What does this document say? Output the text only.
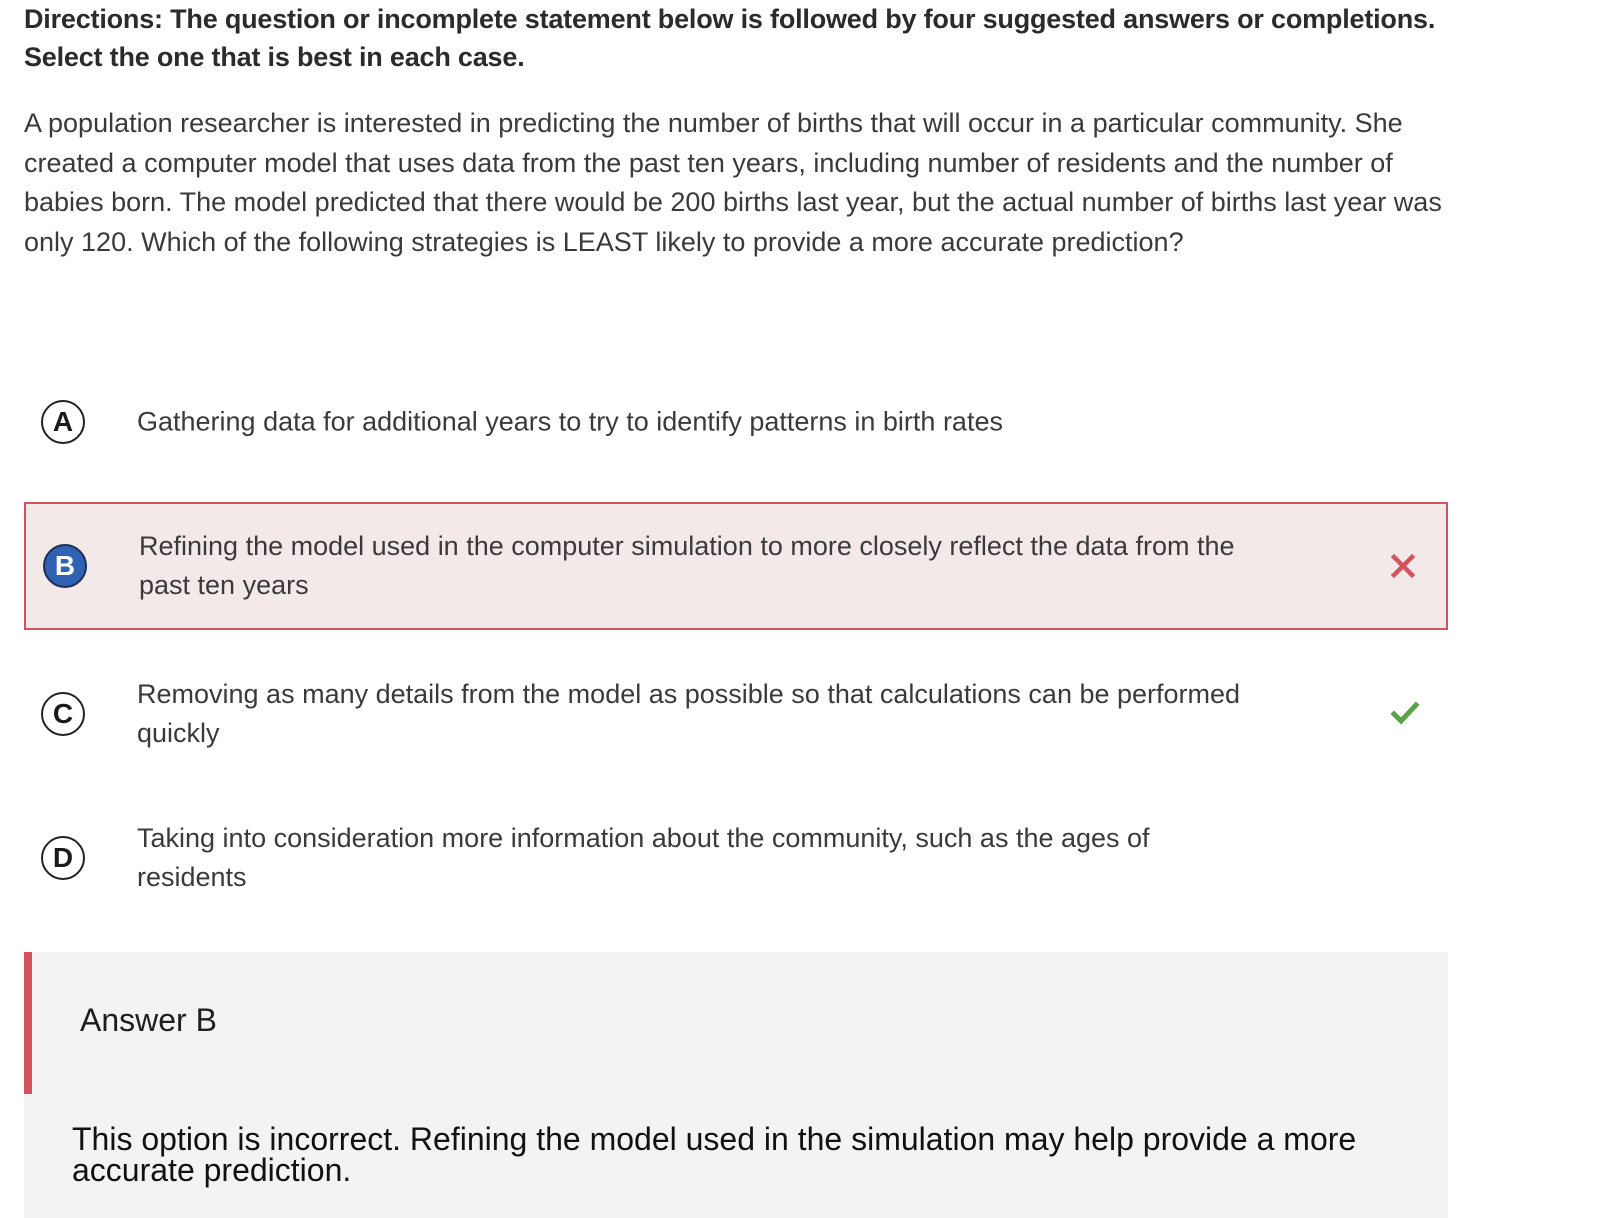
Directions: The question or incomplete statement below is followed by four suggested answers or completions. Select the one that is best in each case.
A population researcher is interested in predicting the number of births that will occur in a particular community. She created a computer model that uses data from the past ten years, including number of residents and the number of babies born. The model predicted that there would be 200 births last year, but the actual number of births last year was only 120. Which of the following strategies is LEAST likely to provide a more accurate prediction?
A	Gathering data for additional years to try to identify patterns in birth rates
B
Refining the model used in the computer simulation to more closely reflect the data from the past ten years
C
Removing as many details from the model as possible so that calculations can be performed quickly
D
Taking into consideration more information about the community, such as the ages of residents
Answer B
This option is incorrect. Refining the model used in the simulation may help provide a more accurate prediction.
